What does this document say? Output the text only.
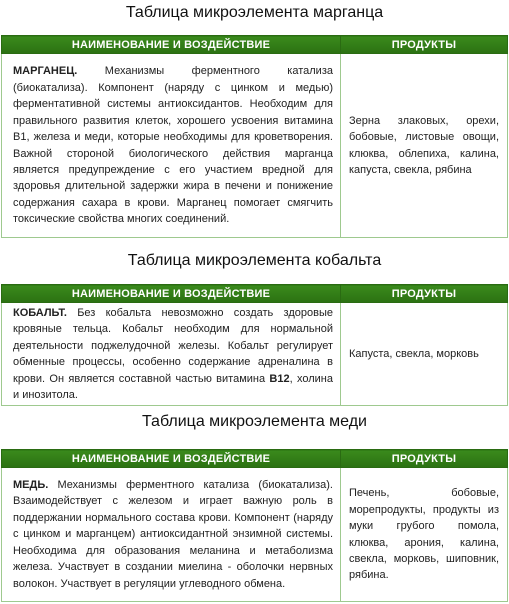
Таблица микроэлемента марганца
НАИМЕНОВАНИЕ И ВОЗДЕЙСТВИЕ	ПРОДУКТЫ
МАРГАНЕЦ. Механизмы ферментного катализа (биокатализа). Компонент (наряду с цинком и медью) ферментативной системы антиоксидантов. Необходим для правильного развития клеток, хорошего усвоения витамина В1, железа и меди, которые необходимы для кроветворения. Важной стороной биологического действия марганца является предупреждение с его участием вредной для здоровья длительной задержки жира в печени и понижение содержания сахара в крови. Марганец помогает смягчить токсические свойства многих соединений.	Зерна злаковых, орехи, бобовые, листовые овощи, клюква, облепиха, калина, капуста, свекла, рябина
Таблица микроэлемента кобальта
НАИМЕНОВАНИЕ И ВОЗДЕЙСТВИЕ	ПРОДУКТЫ
КОБАЛЬТ. Без кобальта невозможно создать здоровые кровяные тельца. Кобальт необходим для нормальной деятельности поджелудочной железы. Кобальт регулирует обменные процессы, особенно содержание адреналина в крови. Он является составной частью витамина B12, холина и инозитола.	Капуста, свекла, морковь
Таблица микроэлемента меди
НАИМЕНОВАНИЕ И ВОЗДЕЙСТВИЕ	ПРОДУКТЫ
МЕДЬ. Механизмы ферментного катализа (биокатализа). Взаимодействует с железом и играет важную роль в поддержании нормального состава крови. Компонент (наряду с цинком и марганцем) антиоксидантной энзимной системы. Необходима для образования меланина и метаболизма железа. Участвует в создании миелина - оболочки нервных волокон. Участвует в регуляции углеводного обмена.	Печень, бобовые, морепродукты, продукты из муки грубого помола, клюква, арония, калина, свекла, морковь, шиповник, рябина.
